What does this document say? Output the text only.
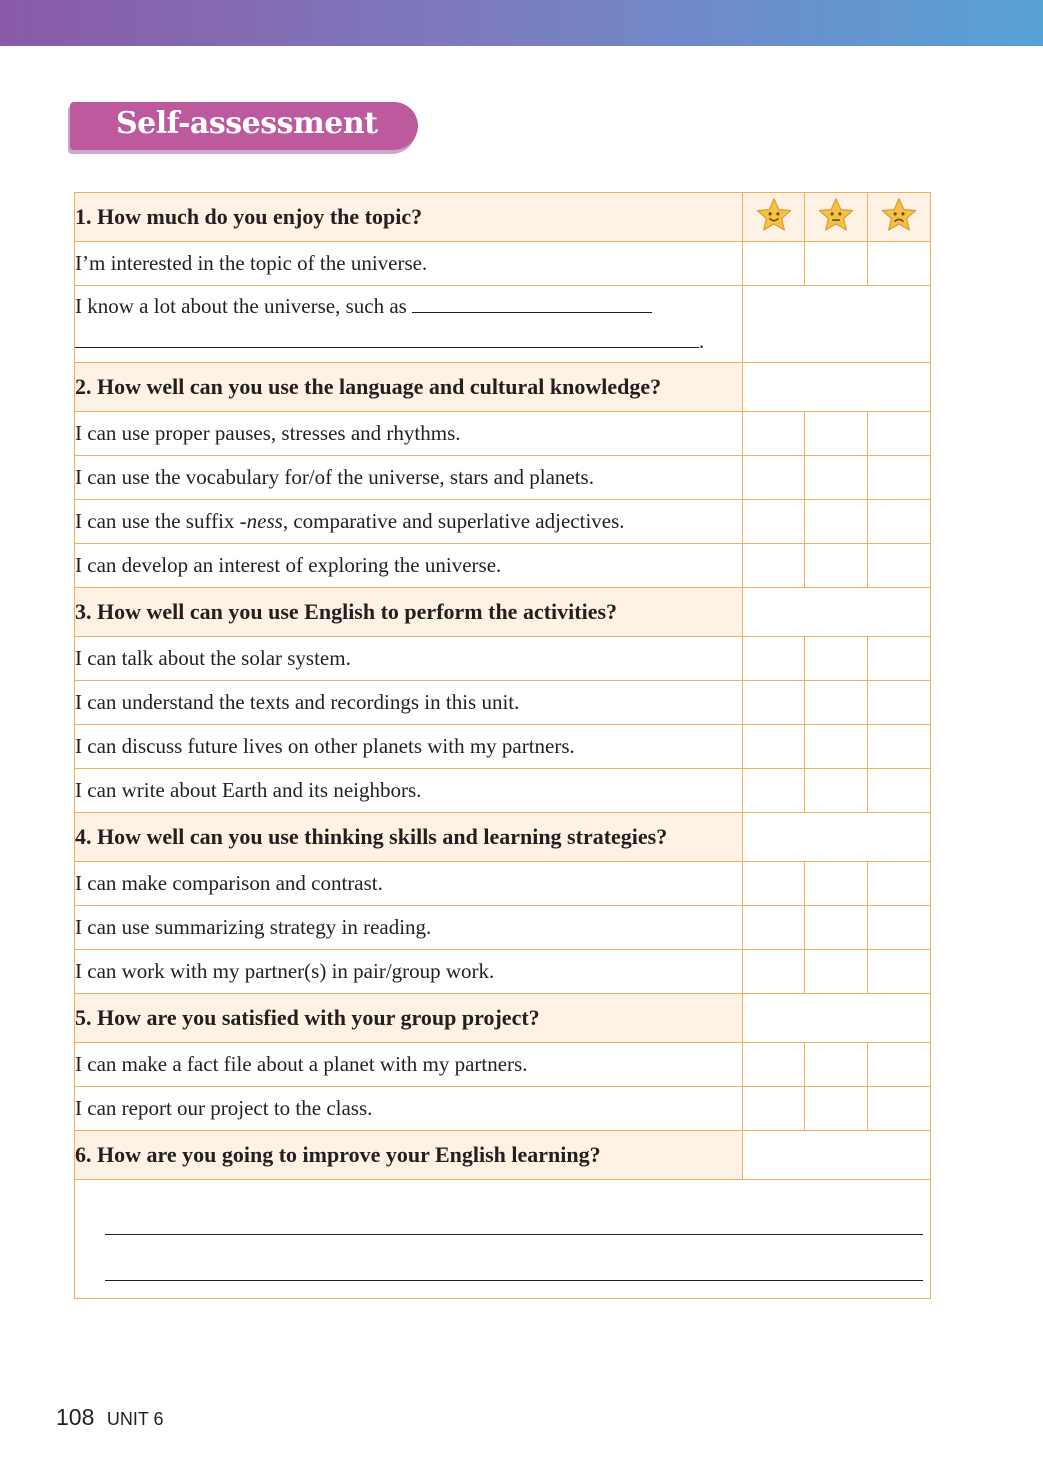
Self-assessment
1. How much do you enjoy the topic?			
I’m interested in the topic of the universe.			
I know a lot about the universe, such as
.			

2. How well can you use the language and cultural knowledge?			
I can use proper pauses, stresses and rhythms.			
I can use the vocabulary for/of the universe, stars and planets.			
I can use the suffix -ness, comparative and superlative adjectives.			
I can develop an interest of exploring the universe.			
3. How well can you use English to perform the activities?			
I can talk about the solar system.			
I can understand the texts and recordings in this unit.			
I can discuss future lives on other planets with my partners.			
I can write about Earth and its neighbors.			
4. How well can you use thinking skills and learning strategies?			
I can make comparison and contrast.			
I can use summarizing strategy in reading.			
I can work with my partner(s) in pair/group work.			
5. How are you satisfied with your group project?			
I can make a fact file about a planet with my partners.			
I can report our project to the class.			
6. How are you going to improve your English learning?			

108 UNIT 6
